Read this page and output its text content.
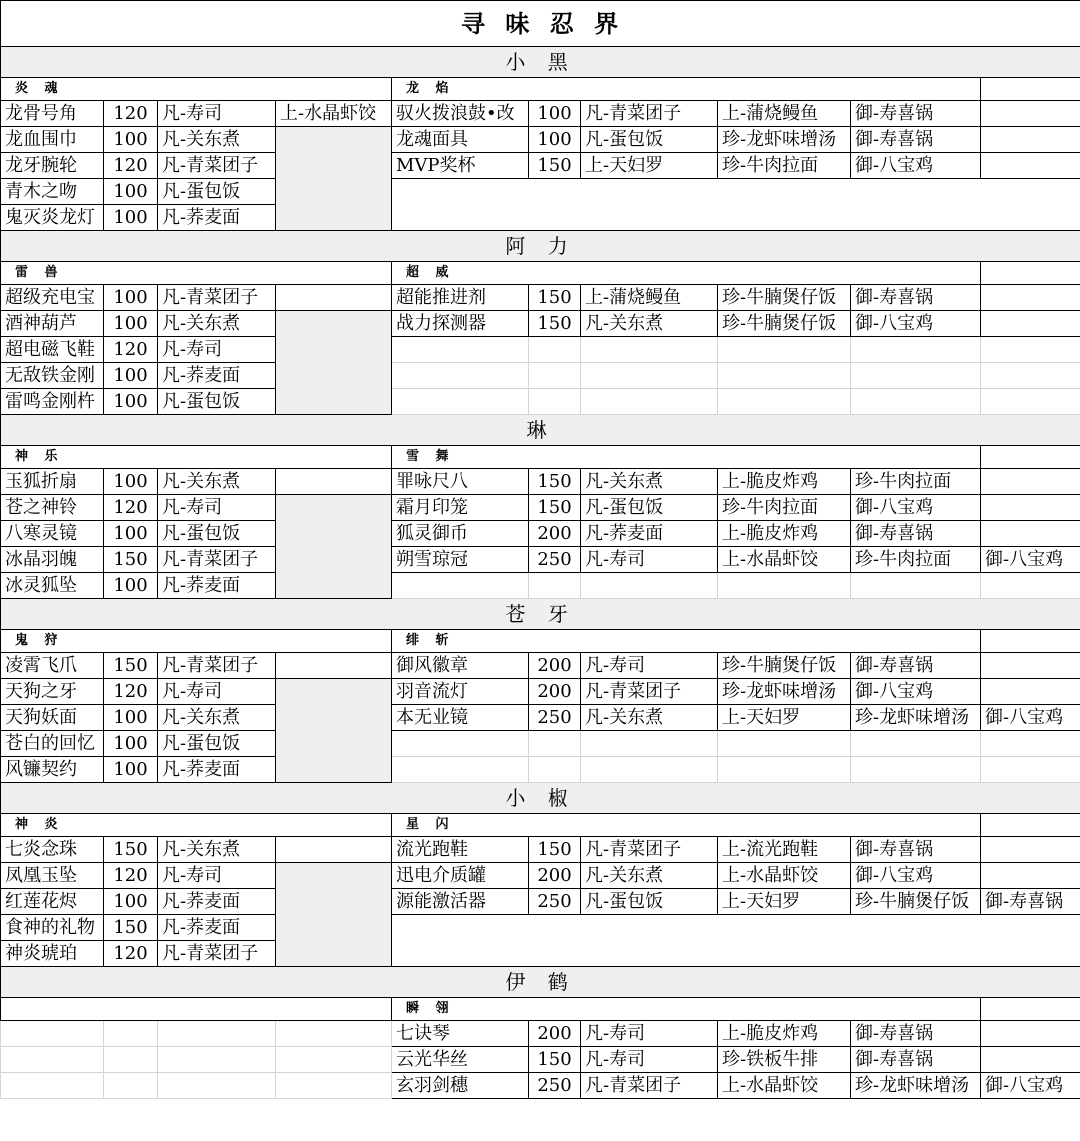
寻 味 忍 界									
小 黑									
炎 魂				龙 焰					
龙骨号角	120	凡-寿司	上-水晶虾饺	驭火拨浪鼓•改	100	凡-青菜团子	上-蒲烧鳗鱼	御-寿喜锅	
龙血围巾	100	凡-关东煮		龙魂面具	100	凡-蛋包饭	珍-龙虾味增汤	御-寿喜锅	
龙牙腕轮	120	凡-青菜团子		MVP奖杯	150	上-天妇罗	珍-牛肉拉面	御-八宝鸡	
青木之吻	100	凡-蛋包饭							
鬼灭炎龙灯	100	凡-荞麦面							
阿 力									
雷 兽				超 威					
超级充电宝	100	凡-青菜团子		超能推进剂	150	上-蒲烧鳗鱼	珍-牛腩煲仔饭	御-寿喜锅	
酒神葫芦	100	凡-关东煮		战力探测器	150	凡-关东煮	珍-牛腩煲仔饭	御-八宝鸡	
超电磁飞鞋	120	凡-寿司							
无敌铁金刚	100	凡-荞麦面							
雷鸣金刚杵	100	凡-蛋包饭							
琳									
神 乐				雪 舞					
玉狐折扇	100	凡-关东煮		罪咏尺八	150	凡-关东煮	上-脆皮炸鸡	珍-牛肉拉面	
苍之神铃	120	凡-寿司		霜月印笼	150	凡-蛋包饭	珍-牛肉拉面	御-八宝鸡	
八寒灵镜	100	凡-蛋包饭		狐灵御币	200	凡-荞麦面	上-脆皮炸鸡	御-寿喜锅	
冰晶羽魄	150	凡-青菜团子		朔雪琼冠	250	凡-寿司	上-水晶虾饺	珍-牛肉拉面	御-八宝鸡
冰灵狐坠	100	凡-荞麦面							
苍 牙									
鬼 狩				绯 斩					
凌霄飞爪	150	凡-青菜团子		御风徽章	200	凡-寿司	珍-牛腩煲仔饭	御-寿喜锅	
天狗之牙	120	凡-寿司		羽音流灯	200	凡-青菜团子	珍-龙虾味增汤	御-八宝鸡	
天狗妖面	100	凡-关东煮		本无业镜	250	凡-关东煮	上-天妇罗	珍-龙虾味增汤	御-八宝鸡
苍白的回忆	100	凡-蛋包饭							
风镰契约	100	凡-荞麦面							
小 椒									
神 炎				星 闪					
七炎念珠	150	凡-关东煮		流光跑鞋	150	凡-青菜团子	上-流光跑鞋	御-寿喜锅	
凤凰玉坠	120	凡-寿司		迅电介质罐	200	凡-关东煮	上-水晶虾饺	御-八宝鸡	
红莲花烬	100	凡-荞麦面		源能激活器	250	凡-蛋包饭	上-天妇罗	珍-牛腩煲仔饭	御-寿喜锅
食神的礼物	150	凡-荞麦面							
神炎琥珀	120	凡-青菜团子							
伊 鹤									
				瞬 翎					
				七诀琴	200	凡-寿司	上-脆皮炸鸡	御-寿喜锅	
				云光华丝	150	凡-寿司	珍-铁板牛排	御-寿喜锅	
				玄羽剑穗	250	凡-青菜团子	上-水晶虾饺	珍-龙虾味增汤	御-八宝鸡
